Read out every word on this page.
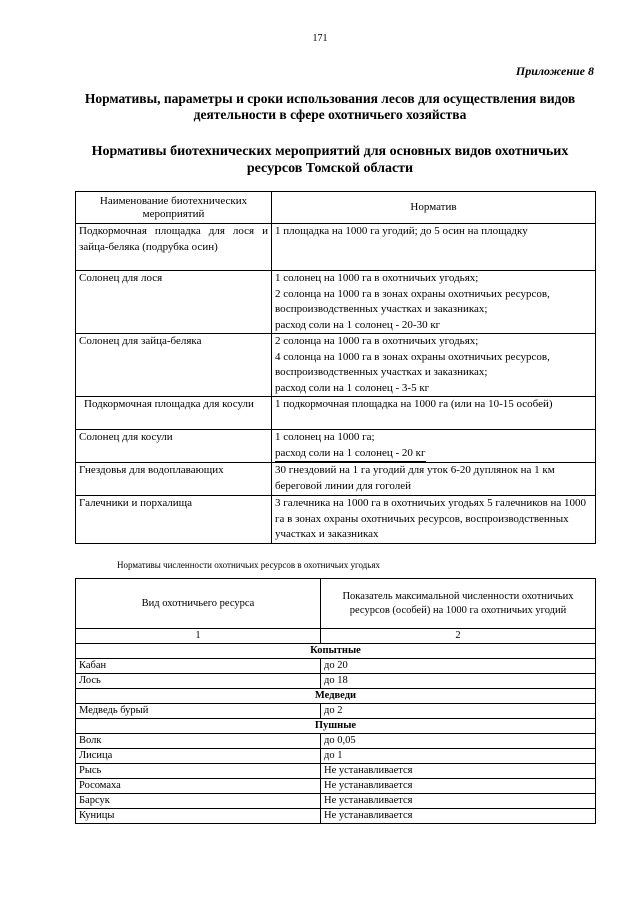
171
Приложение 8
Нормативы, параметры и сроки использования лесов для осуществления видов деятельности в сфере охотничьего хозяйства
Нормативы биотехнических мероприятий для основных видов охотничьих ресурсов Томской области
Наименование биотехнических мероприятий	Норматив
Подкормочная площадка для лося и зайца-беляка (подрубка осин)	1 площадка на 1000 га угодий; до 5 осин на площадку

Солонец для лося	1 солонец на 1000 га в охотничьих угодьях;
2 солонца на 1000 га в зонах охраны охотничьих ресурсов, воспроизводственных участках и заказниках;
расход соли на 1 солонец - 20-30 кг

Солонец для зайца-беляка	2 солонца на 1000 га в охотничьих угодьях;
4 солонца на 1000 га в зонах охраны охотничьих ресурсов, воспроизводственных участках и заказниках;
расход соли на 1 солонец - 3-5 кг

Подкормочная площадка для косули	1 подкормочная площадка на 1000 га (или на 10-15 особей)

Солонец для косули	1 солонец на 1000 га;
расход соли на 1 солонец - 20 кг

Гнездовья для водоплавающих	30 гнездовий на 1 га угодий для уток 6-20 дуплянок на 1 км береговой линии для гоголей

Галечники и порхалища	3 галечника на 1000 га в охотничьих угодьях 5 галечников на 1000 га в зонах охраны охотничьих ресурсов, воспроизводственных участках и заказниках
Нормативы численности охотничьих ресурсов в охотничьих угодьях
Вид охотничьего ресурса	Показатель максимальной численности охотничьих ресурсов (особей) на 1000 га охотничьих угодий
1	2
Копытные	
Кабан	до 20
Лось	до 18
Медведи	
Медведь бурый	до 2
Пушные	
Волк	до 0,05
Лисица	до 1
Рысь	Не устанавливается
Росомаха	Не устанавливается
Барсук	Не устанавливается
Куницы	Не устанавливается
